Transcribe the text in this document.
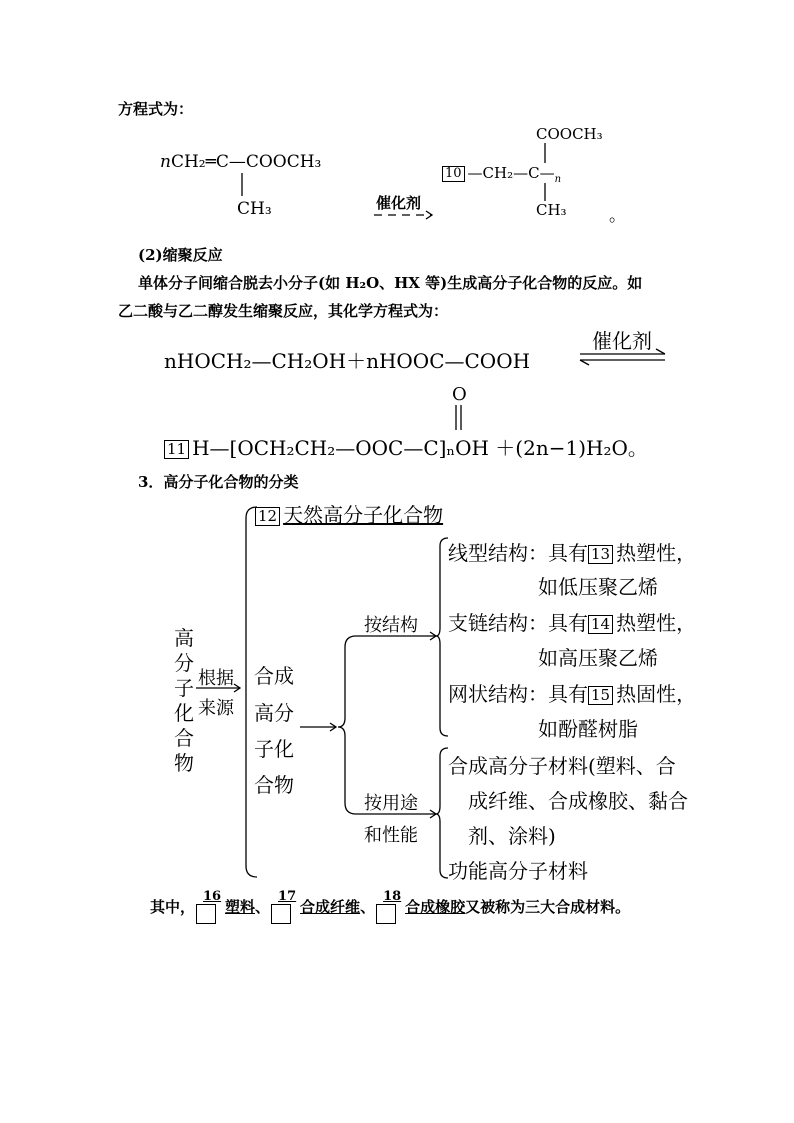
方程式为：
nCH₂═C—COOCH₃
CH₃	催化剂
COOCH₃
10 $—CH_2—C—_n$
CH₃ 。
(2)缩聚反应
单体分子间缩合脱去小分子(如 H₂O、HX 等)生成高分子化合物的反应。如
乙二酸与乙二醇发生缩聚反应，其化学方程式为：
nHOCH₂—CH₂OH＋nHOOC—COOH
催化剂
O
11 H—[OCH₂CH₂—OOC—C]ₙOH ＋(2n−1)H₂O。
3．高分子化合物的分类
高
分
子
化
合
物
根据
来源
12 天然高分子化合物
合成
高分
子化
合物
按结构
按用途
和性能
线型结构：具有 13 热塑性，
如低压聚乙烯
支链结构：具有 14 热塑性，
如高压聚乙烯
网状结构：具有 15 热固性，
如酚醛树脂
合成高分子材料(塑料、合
成纤维、合成橡胶、黏合
剂、涂料)
功能高分子材料
其中，
16
塑料、
17
合成纤维、
18
合成橡胶又被称为三大合成材料。
